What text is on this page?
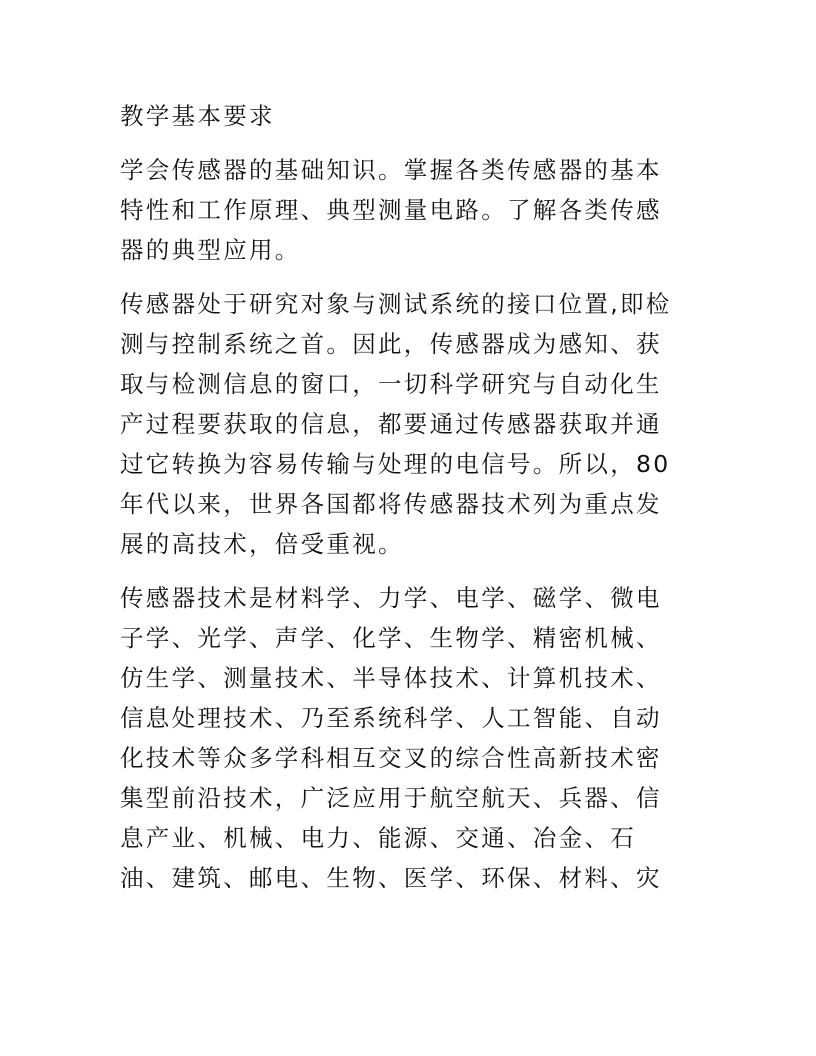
教学基本要求
学会传感器的基础知识。掌握各类传感器的基本
特性和工作原理、典型测量电路。了解各类传感
器的典型应用。
传感器处于研究对象与测试系统的接口位置,即检
测与控制系统之首。因此，传感器成为感知、获
取与检测信息的窗口，一切科学研究与自动化生
产过程要获取的信息，都要通过传感器获取并通
过它转换为容易传输与处理的电信号。所以，80
年代以来，世界各国都将传感器技术列为重点发
展的高技术，倍受重视。
传感器技术是材料学、力学、电学、磁学、微电
子学、光学、声学、化学、生物学、精密机械、
仿生学、测量技术、半导体技术、计算机技术、
信息处理技术、乃至系统科学、人工智能、自动
化技术等众多学科相互交叉的综合性高新技术密
集型前沿技术，广泛应用于航空航天、兵器、信
息产业、机械、电力、能源、交通、冶金、石
油、建筑、邮电、生物、医学、环保、材料、灾
